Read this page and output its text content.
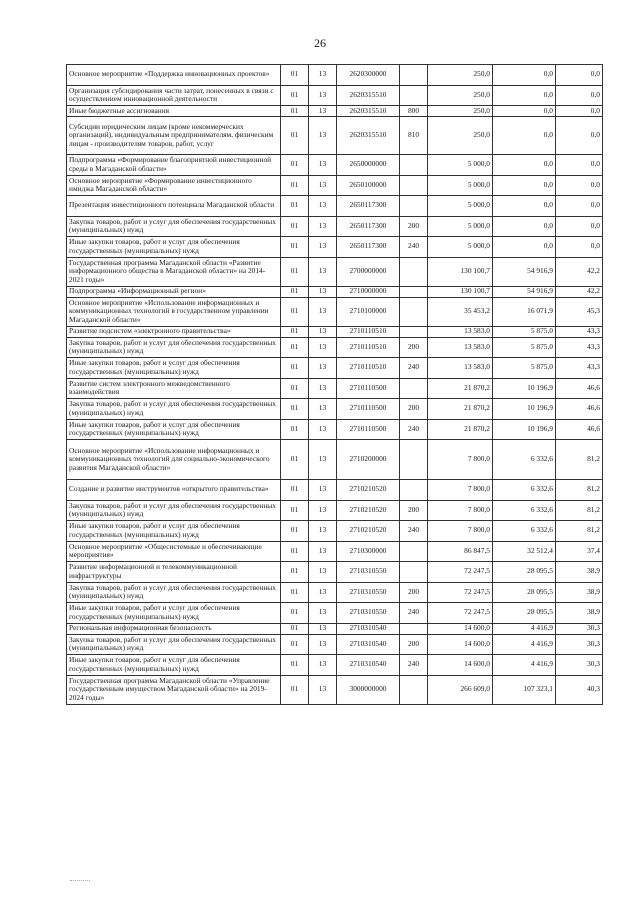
26
Основное мероприятие «Поддержка инновационных проектов»	01	13	2620300000		250,0	0,0	0,0
Организация субсидирования части затрат, понесенных в связи с осуществлением инновационной деятельности	01	13	2620315510		250,0	0,0	0,0
Иные бюджетные ассигнования	01	13	2620315510	800	250,0	0,0	0,0
Субсидии юридическим лицам (кроме некоммерческих организаций), индивидуальным предпринимателям, физическим лицам - производителям товаров, работ, услуг	01	13	2620315510	810	250,0	0,0	0,0
Подпрограмма «Формирование благоприятной инвестиционной среды в Магаданской области»	01	13	2650000000		5 000,0	0,0	0,0
Основное мероприятие «Формирование инвестиционного имиджа Магаданской области»	01	13	2650100000		5 000,0	0,0	0,0
Презентация инвестиционного потенциала Магаданской области	01	13	2650117300		5 000,0	0,0	0,0
Закупка товаров, работ и услуг для обеспечения государственных (муниципальных) нужд	01	13	2650117300	200	5 000,0	0,0	0,0
Иные закупки товаров, работ и услуг для обеспечения государственных (муниципальных) нужд	01	13	2650117300	240	5 000,0	0,0	0,0
Государственная программа Магаданской области «Развитие информационного общества в Магаданской области» на 2014-2021 годы»	01	13	2700000000		130 100,7	54 916,9	42,2
Подпрограмма «Информационный регион»	01	13	2710000000		130 100,7	54 916,9	42,2
Основное мероприятие «Использование информационных и коммуникационных технологий в государственном управлении Магаданской области»	01	13	2710100000		35 453,2	16 071,9	45,3
Развитие подсистем «электронного правительства»	01	13	2710110510		13 583,0	5 875,0	43,3
Закупка товаров, работ и услуг для обеспечения государственных (муниципальных) нужд	01	13	2710110510	200	13 583,0	5 875,0	43,3
Иные закупки товаров, работ и услуг для обеспечения государственных (муниципальных) нужд	01	13	2710110510	240	13 583,0	5 875,0	43,3
Развитие систем электронного межведомственного взаимодействия	01	13	2710110500		21 870,2	10 196,9	46,6
Закупка товаров, работ и услуг для обеспечения государственных (муниципальных) нужд	01	13	2710110500	200	21 870,2	10 196,9	46,6
Иные закупки товаров, работ и услуг для обеспечения государственных (муниципальных) нужд	01	13	2710110500	240	21 870,2	10 196,9	46,6
Основное мероприятие «Использование информационных и коммуникационных технологий для социально-экономического развития Магаданской области»	01	13	2710200000		7 800,0	6 332,6	81,2
Создание и развитие инструментов «открытого правительства»	01	13	2710210520		7 800,0	6 332,6	81,2
Закупка товаров, работ и услуг для обеспечения государственных (муниципальных) нужд	01	13	2710210520	200	7 800,0	6 332,6	81,2
Иные закупки товаров, работ и услуг для обеспечения государственных (муниципальных) нужд	01	13	2710210520	240	7 800,0	6 332,6	81,2
Основное мероприятие «Общесистемные и обеспечивающие мероприятия»	01	13	2710300000		86 847,5	32 512,4	37,4
Развитие информационной и телекоммуникационной инфраструктуры	01	13	2710310550		72 247,5	28 095,5	38,9
Закупка товаров, работ и услуг для обеспечения государственных (муниципальных) нужд	01	13	2710310550	200	72 247,5	28 095,5	38,9
Иные закупки товаров, работ и услуг для обеспечения государственных (муниципальных) нужд	01	13	2710310550	240	72 247,5	28 095,5	38,9
Региональная информационная безопасность	01	13	2710310540		14 600,0	4 416,9	30,3
Закупка товаров, работ и услуг для обеспечения государственных (муниципальных) нужд	01	13	2710310540	200	14 600,0	4 416,9	30,3
Иные закупки товаров, работ и услуг для обеспечения государственных (муниципальных) нужд	01	13	2710310540	240	14 600,0	4 416,9	30,3
Государственная программа Магаданской области «Управление государственным имуществом Магаданской области» на 2019-2024 годы»	01	13	3000000000		266 609,0	107 323,1	40,3
